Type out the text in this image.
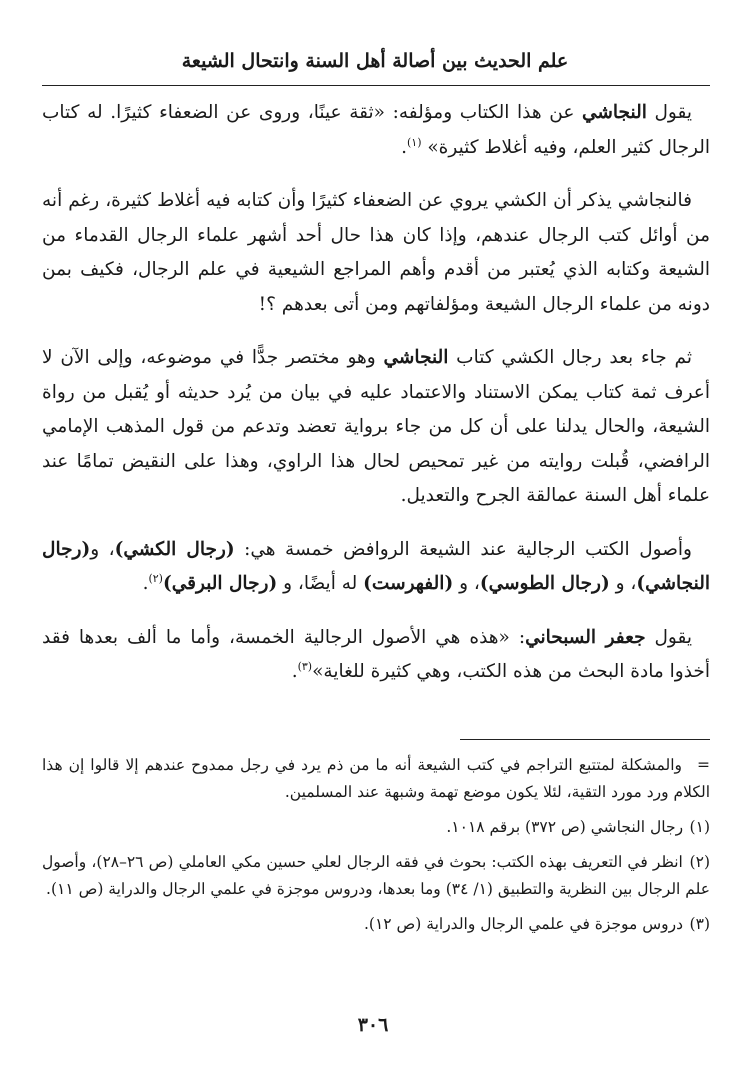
علم الحديث بين أصالة أهل السنة وانتحال الشيعة

يقول النجاشي عن هذا الكتاب ومؤلفه: «ثقة عينًا، وروى عن الضعفاء كثيرًا. له كتاب الرجال كثير العلم، وفيه أغلاط كثيرة» $^{(١)}$.

فالنجاشي يذكر أن الكشي يروي عن الضعفاء كثيرًا وأن كتابه فيه أغلاط كثيرة، رغم أنه من أوائل كتب الرجال عندهم، وإذا كان هذا حال أحد أشهر علماء الرجال القدماء من الشيعة وكتابه الذي يُعتبر من أقدم وأهم المراجع الشيعية في علم الرجال، فكيف بمن دونه من علماء الرجال الشيعة ومؤلفاتهم ومن أتى بعدهم ؟!

ثم جاء بعد رجال الكشي كتاب النجاشي وهو مختصر جدًّا في موضوعه، وإلى الآن لا أعرف ثمة كتاب يمكن الاستناد والاعتماد عليه في بيان من يُرد حديثه أو يُقبل من رواة الشيعة، والحال يدلنا على أن كل من جاء برواية تعضد وتدعم من قول المذهب الإمامي الرافضي، قُبلت روايته من غير تمحيص لحال هذا الراوي، وهذا على النقيض تمامًا عند علماء أهل السنة عمالقة الجرح والتعديل.

وأصول الكتب الرجالية عند الشيعة الروافض خمسة هي: (رجال الكشي)، و(رجال النجاشي)، و (رجال الطوسي)، و (الفهرست) له أيضًا، و (رجال البرقي)$^{(٢)}$.

يقول جعفر السبحاني: «هذه هي الأصول الرجالية الخمسة، وأما ما ألف بعدها فقد أخذوا مادة البحث من هذه الكتب، وهي كثيرة للغاية»$^{(٣)}$.

= والمشكلة لمتتبع التراجم في كتب الشيعة أنه ما من ذم يرد في رجل ممدوح عندهم إلا قالوا إن هذا الكلام ورد مورد التقية، لئلا يكون موضع تهمة وشبهة عند المسلمين.

(١) رجال النجاشي (ص ٣٧٢) برقم ١٠١٨.

(٢) انظر في التعريف بهذه الكتب: بحوث في فقه الرجال لعلي حسين مكي العاملي (ص ٢٦–٢٨)، وأصول علم الرجال بين النظرية والتطبيق (١/ ٣٤) وما بعدها، ودروس موجزة في علمي الرجال والدراية (ص ١١).

(٣) دروس موجزة في علمي الرجال والدراية (ص ١٢).

٣٠٦
